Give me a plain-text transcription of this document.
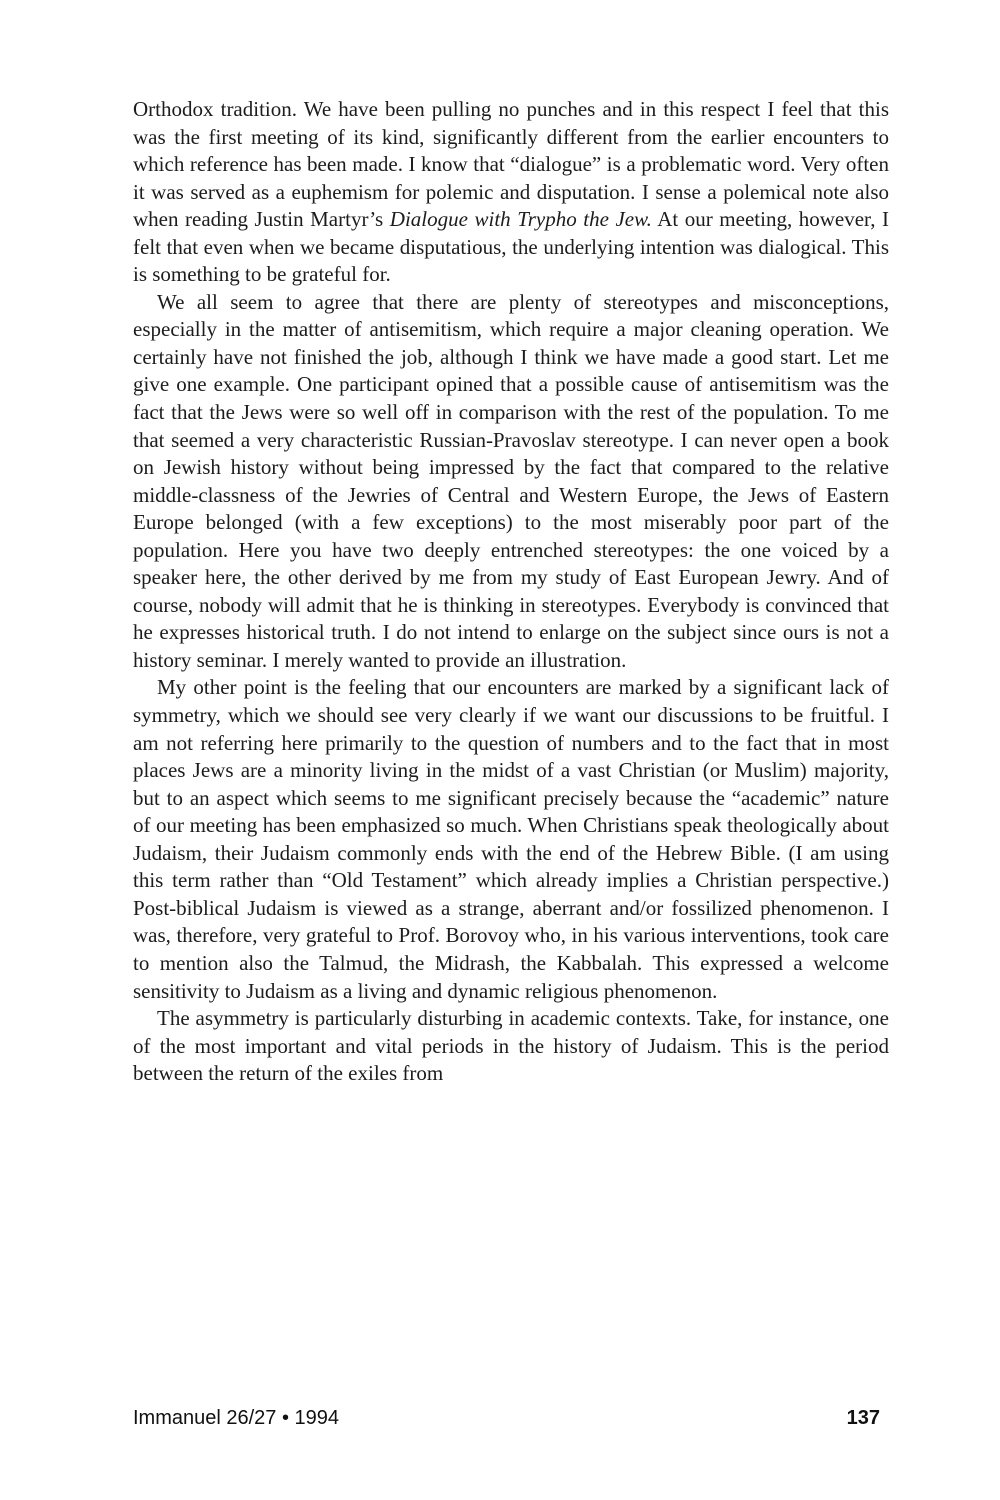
Orthodox tradition. We have been pulling no punches and in this respect I feel that this was the first meeting of its kind, significantly different from the earlier encounters to which reference has been made. I know that “dialogue” is a problematic word. Very often it was served as a euphemism for polemic and disputation. I sense a polemical note also when reading Justin Martyr’s Dialogue with Trypho the Jew. At our meeting, however, I felt that even when we became disputatious, the underlying intention was dialogical. This is something to be grateful for.

We all seem to agree that there are plenty of stereotypes and misconceptions, especially in the matter of antisemitism, which require a major cleaning operation. We certainly have not finished the job, although I think we have made a good start. Let me give one example. One participant opined that a possible cause of antisemitism was the fact that the Jews were so well off in comparison with the rest of the population. To me that seemed a very characteristic Russian-Pravoslav stereotype. I can never open a book on Jewish history without being impressed by the fact that compared to the relative middle-classness of the Jewries of Central and Western Europe, the Jews of Eastern Europe belonged (with a few exceptions) to the most miserably poor part of the population. Here you have two deeply entrenched stereotypes: the one voiced by a speaker here, the other derived by me from my study of East European Jewry. And of course, nobody will admit that he is thinking in stereotypes. Everybody is convinced that he expresses historical truth. I do not intend to enlarge on the subject since ours is not a history seminar. I merely wanted to provide an illustration.

My other point is the feeling that our encounters are marked by a significant lack of symmetry, which we should see very clearly if we want our discussions to be fruitful. I am not referring here primarily to the question of numbers and to the fact that in most places Jews are a minority living in the midst of a vast Christian (or Muslim) majority, but to an aspect which seems to me significant precisely because the “academic” nature of our meeting has been emphasized so much. When Christians speak theologically about Judaism, their Judaism commonly ends with the end of the Hebrew Bible. (I am using this term rather than “Old Testament” which already implies a Christian perspective.) Post-biblical Judaism is viewed as a strange, aberrant and/or fossilized phenomenon. I was, therefore, very grateful to Prof. Borovoy who, in his various interventions, took care to mention also the Talmud, the Midrash, the Kabbalah. This expressed a welcome sensitivity to Judaism as a living and dynamic religious phenomenon.

The asymmetry is particularly disturbing in academic contexts. Take, for instance, one of the most important and vital periods in the history of Judaism. This is the period between the return of the exiles from

Immanuel 26/27 • 1994	137
